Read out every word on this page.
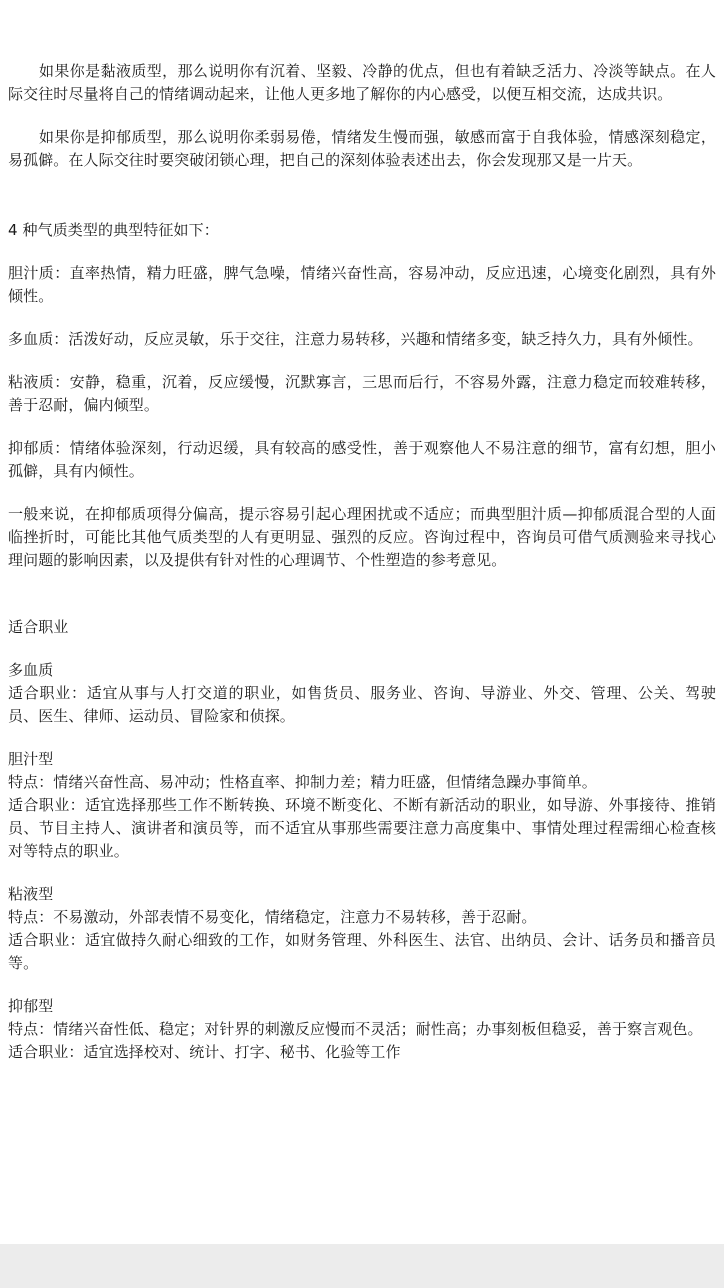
如果你是黏液质型，那么说明你有沉着、坚毅、冷静的优点，但也有着缺乏活力、冷淡等缺点。在人际交往时尽量将自己的情绪调动起来，让他人更多地了解你的内心感受，以便互相交流，达成共识。

如果你是抑郁质型，那么说明你柔弱易倦，情绪发生慢而强，敏感而富于自我体验，情感深刻稳定，易孤僻。在人际交往时要突破闭锁心理，把自己的深刻体验表述出去，你会发现那又是一片天。

4 种气质类型的典型特征如下：

胆汁质：直率热情，精力旺盛，脾气急噪，情绪兴奋性高，容易冲动，反应迅速，心境变化剧烈，具有外倾性。

多血质：活泼好动，反应灵敏，乐于交往，注意力易转移，兴趣和情绪多变，缺乏持久力，具有外倾性。

粘液质：安静，稳重，沉着，反应缓慢，沉默寡言，三思而后行，不容易外露，注意力稳定而较难转移，善于忍耐，偏内倾型。

抑郁质：情绪体验深刻，行动迟缓，具有较高的感受性，善于观察他人不易注意的细节，富有幻想，胆小孤僻，具有内倾性。

一般来说，在抑郁质项得分偏高，提示容易引起心理困扰或不适应；而典型胆汁质—抑郁质混合型的人面临挫折时，可能比其他气质类型的人有更明显、强烈的反应。咨询过程中，咨询员可借气质测验来寻找心理问题的影响因素，以及提供有针对性的心理调节、个性塑造的参考意见。

适合职业

多血质

适合职业：适宜从事与人打交道的职业，如售货员、服务业、咨询、导游业、外交、管理、公关、驾驶员、医生、律师、运动员、冒险家和侦探。

胆汁型

特点：情绪兴奋性高、易冲动；性格直率、抑制力差；精力旺盛，但情绪急躁办事简单。

适合职业：适宜选择那些工作不断转换、环境不断变化、不断有新活动的职业，如导游、外事接待、推销员、节目主持人、演讲者和演员等，而不适宜从事那些需要注意力高度集中、事情处理过程需细心检查核对等特点的职业。

粘液型

特点：不易激动，外部表情不易变化，情绪稳定，注意力不易转移，善于忍耐。

适合职业：适宜做持久耐心细致的工作，如财务管理、外科医生、法官、出纳员、会计、话务员和播音员等。

抑郁型

特点：情绪兴奋性低、稳定；对针界的刺激反应慢而不灵活；耐性高；办事刻板但稳妥，善于察言观色。

适合职业：适宜选择校对、统计、打字、秘书、化验等工作
